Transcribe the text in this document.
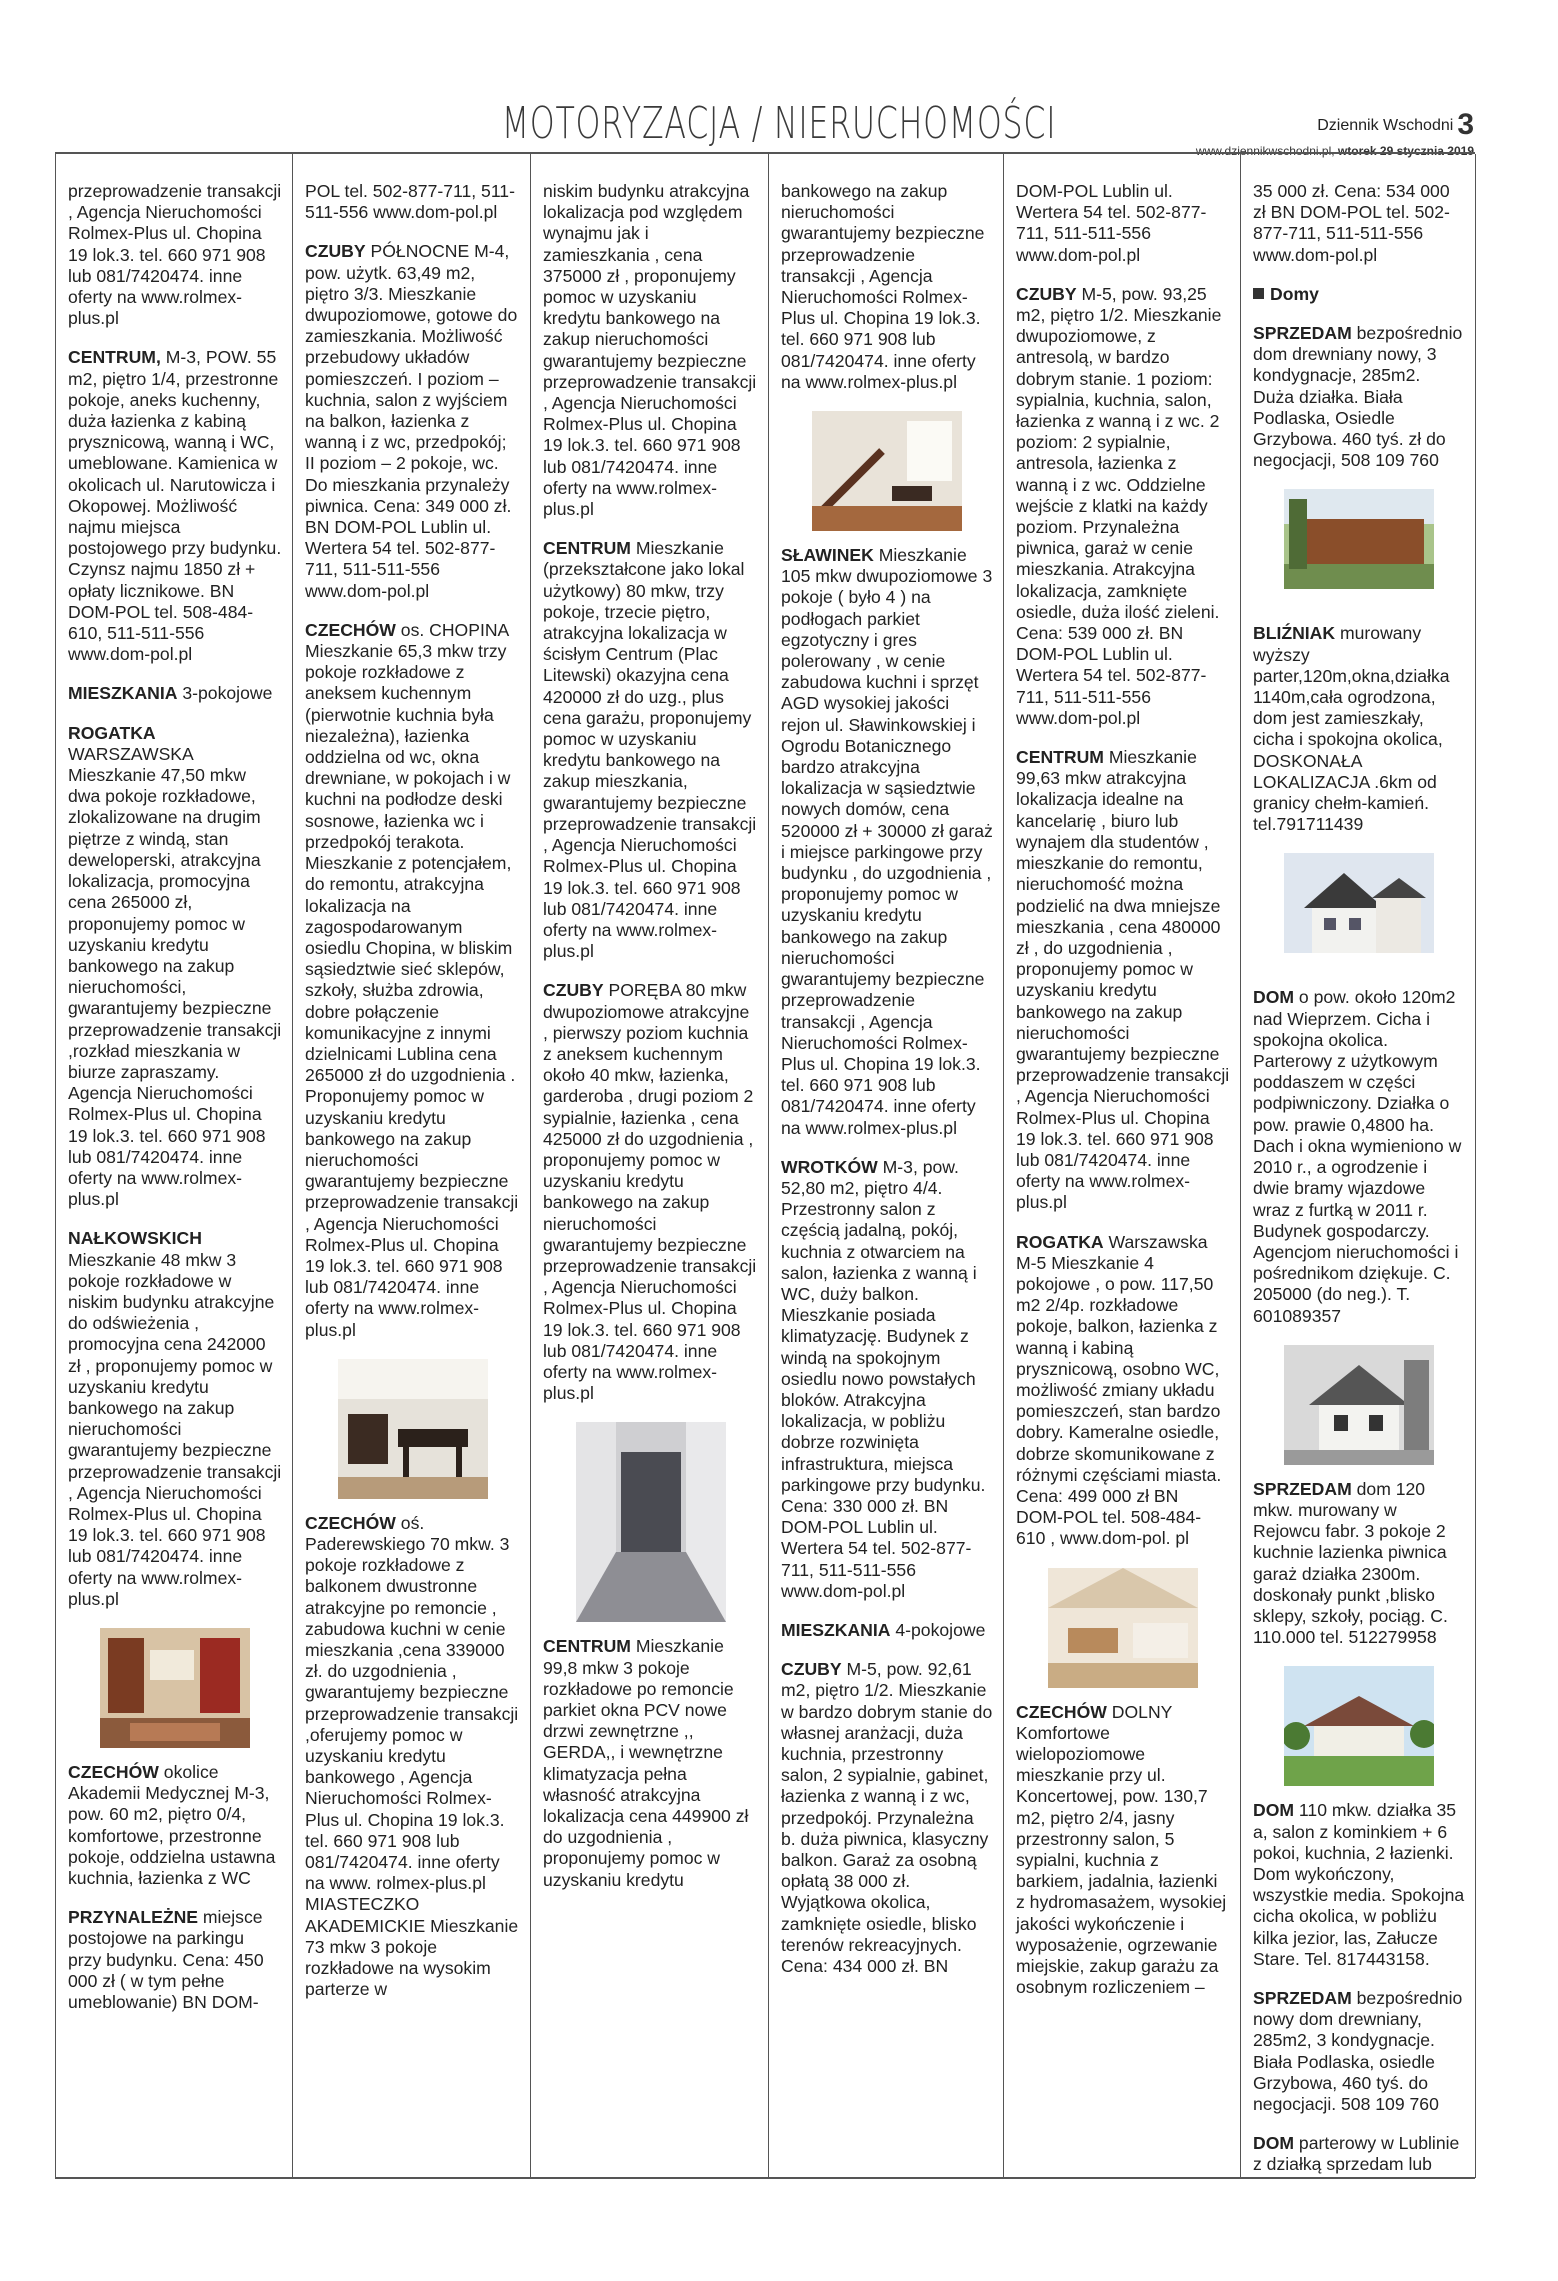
MOTORYZACJA / NIERUCHOMOŚCI	Dziennik Wschodni 3
www.dziennikwschodni.pl, wtorek 29 stycznia 2019
przeprowadzenie transakcji , Agencja Nieruchomości Rolmex-Plus ul. Chopina 19 lok.3. tel. 660 971 908 lub 081/7420474. inne oferty na www.rolmex-plus.pl
CENTRUM, M-3, POW. 55 m2, piętro 1/4, przestronne pokoje, aneks kuchenny, duża łazienka z kabiną prysznicową, wanną i WC, umeblowane. Kamienica w okolicach ul. Narutowicza i Okopowej. Możliwość najmu miejsca postojowego przy budynku. Czynsz najmu 1850 zł + opłaty licznikowe. BN DOM-POL tel. 508-484-610, 511-511-556 www.dom-pol.pl
MIESZKANIA 3-pokojowe
ROGATKA WARSZAWSKA Mieszkanie 47,50 mkw dwa pokoje rozkładowe, zlokalizowane na drugim piętrze z windą, stan deweloperski, atrakcyjna lokalizacja, promocyjna cena 265000 zł, proponujemy pomoc w uzyskaniu kredytu bankowego na zakup nieruchomości, gwarantujemy bezpieczne przeprowadzenie transakcji ,rozkład mieszkania w biurze zapraszamy. Agencja Nieruchomości Rolmex-Plus ul. Chopina 19 lok.3. tel. 660 971 908 lub 081/7420474. inne oferty na www.rolmex-plus.pl
NAŁKOWSKICH Mieszkanie 48 mkw 3 pokoje rozkładowe w niskim budynku atrakcyjne do odświeżenia , promocyjna cena 242000 zł , proponujemy pomoc w uzyskaniu kredytu bankowego na zakup nieruchomości gwarantujemy bezpieczne przeprowadzenie transakcji , Agencja Nieruchomości Rolmex-Plus ul. Chopina 19 lok.3. tel. 660 971 908 lub 081/7420474. inne oferty na www.rolmex-plus.pl
CZECHÓW okolice Akademii Medycznej M-3, pow. 60 m2, piętro 0/4, komfortowe, przestronne pokoje, oddzielna ustawna kuchnia, łazienka z WC
PRZYNALEŻNE miejsce postojowe na parkingu przy budynku. Cena: 450 000 zł ( w tym pełne umeblowanie) BN DOM-
POL tel. 502-877-711, 511-511-556 www.dom-pol.pl
CZUBY PÓŁNOCNE M-4, pow. użytk. 63,49 m2, piętro 3/3. Mieszkanie dwupoziomowe, gotowe do zamieszkania. Możliwość przebudowy układów pomieszczeń. I poziom – kuchnia, salon z wyjściem na balkon, łazienka z wanną i z wc, przedpokój; II poziom – 2 pokoje, wc. Do mieszkania przynależy piwnica. Cena: 349 000 zł. BN DOM-POL Lublin ul. Wertera 54 tel. 502-877-711, 511-511-556 www.dom-pol.pl
CZECHÓW os. CHOPINA Mieszkanie 65,3 mkw trzy pokoje rozkładowe z aneksem kuchennym (pierwotnie kuchnia była niezależna), łazienka oddzielna od wc, okna drewniane, w pokojach i w kuchni na podłodze deski sosnowe, łazienka wc i przedpokój terakota. Mieszkanie z potencjałem, do remontu, atrakcyjna lokalizacja na zagospodarowanym osiedlu Chopina, w bliskim sąsiedztwie sieć sklepów, szkoły, służba zdrowia, dobre połączenie komunikacyjne z innymi dzielnicami Lublina cena 265000 zł do uzgodnienia . Proponujemy pomoc w uzyskaniu kredytu bankowego na zakup nieruchomości gwarantujemy bezpieczne przeprowadzenie transakcji , Agencja Nieruchomości Rolmex-Plus ul. Chopina 19 lok.3. tel. 660 971 908 lub 081/7420474. inne oferty na www.rolmex-plus.pl
CZECHÓW oś. Paderewskiego 70 mkw. 3 pokoje rozkładowe z balkonem dwustronne atrakcyjne po remoncie , zabudowa kuchni w cenie mieszkania ,cena 339000 zł. do uzgodnienia , gwarantujemy bezpieczne przeprowadzenie transakcji ,oferujemy pomoc w uzyskaniu kredytu bankowego , Agencja Nieruchomości Rolmex- Plus ul. Chopina 19 lok.3. tel. 660 971 908 lub 081/7420474. inne oferty na www. rolmex-plus.pl MIASTECZKO AKADEMICKIE Mieszkanie 73 mkw 3 pokoje rozkładowe na wysokim parterze w
niskim budynku atrakcyjna lokalizacja pod względem wynajmu jak i zamieszkania , cena 375000 zł , proponujemy pomoc w uzyskaniu kredytu bankowego na zakup nieruchomości gwarantujemy bezpieczne przeprowadzenie transakcji , Agencja Nieruchomości Rolmex-Plus ul. Chopina 19 lok.3. tel. 660 971 908 lub 081/7420474. inne oferty na www.rolmex-plus.pl
CENTRUM Mieszkanie (przekształcone jako lokal użytkowy) 80 mkw, trzy pokoje, trzecie piętro, atrakcyjna lokalizacja w ścisłym Centrum (Plac Litewski) okazyjna cena 420000 zł do uzg., plus cena garażu, proponujemy pomoc w uzyskaniu kredytu bankowego na zakup mieszkania, gwarantujemy bezpieczne przeprowadzenie transakcji , Agencja Nieruchomości Rolmex-Plus ul. Chopina 19 lok.3. tel. 660 971 908 lub 081/7420474. inne oferty na www.rolmex-plus.pl
CZUBY PORĘBA 80 mkw dwupoziomowe atrakcyjne , pierwszy poziom kuchnia z aneksem kuchennym około 40 mkw, łazienka, garderoba , drugi poziom 2 sypialnie, łazienka , cena 425000 zł do uzgodnienia , proponujemy pomoc w uzyskaniu kredytu bankowego na zakup nieruchomości gwarantujemy bezpieczne przeprowadzenie transakcji , Agencja Nieruchomości Rolmex-Plus ul. Chopina 19 lok.3. tel. 660 971 908 lub 081/7420474. inne oferty na www.rolmex-plus.pl
CENTRUM Mieszkanie 99,8 mkw 3 pokoje rozkładowe po remoncie parkiet okna PCV nowe drzwi zewnętrzne ,, GERDA,, i wewnętrzne klimatyzacja pełna własność atrakcyjna lokalizacja cena 449900 zł do uzgodnienia , proponujemy pomoc w uzyskaniu kredytu
bankowego na zakup nieruchomości gwarantujemy bezpieczne przeprowadzenie transakcji , Agencja Nieruchomości Rolmex-Plus ul. Chopina 19 lok.3. tel. 660 971 908 lub 081/7420474. inne oferty na www.rolmex-plus.pl
SŁAWINEK Mieszkanie 105 mkw dwupoziomowe 3 pokoje ( było 4 ) na podłogach parkiet egzotyczny i gres polerowany , w cenie zabudowa kuchni i sprzęt AGD wysokiej jakości rejon ul. Sławinkowskiej i Ogrodu Botanicznego bardzo atrakcyjna lokalizacja w sąsiedztwie nowych domów, cena 520000 zł + 30000 zł garaż i miejsce parkingowe przy budynku , do uzgodnienia , proponujemy pomoc w uzyskaniu kredytu bankowego na zakup nieruchomości gwarantujemy bezpieczne przeprowadzenie transakcji , Agencja Nieruchomości Rolmex-Plus ul. Chopina 19 lok.3. tel. 660 971 908 lub 081/7420474. inne oferty na www.rolmex-plus.pl
WROTKÓW M-3, pow. 52,80 m2, piętro 4/4. Przestronny salon z częścią jadalną, pokój, kuchnia z otwarciem na salon, łazienka z wanną i WC, duży balkon. Mieszkanie posiada klimatyzację. Budynek z windą na spokojnym osiedlu nowo powstałych bloków. Atrakcyjna lokalizacja, w pobliżu dobrze rozwinięta infrastruktura, miejsca parkingowe przy budynku. Cena: 330 000 zł. BN DOM-POL Lublin ul. Wertera 54 tel. 502-877-711, 511-511-556 www.dom-pol.pl
MIESZKANIA 4-pokojowe
CZUBY M-5, pow. 92,61 m2, piętro 1/2. Mieszkanie w bardzo dobrym stanie do własnej aranżacji, duża kuchnia, przestronny salon, 2 sypialnie, gabinet, łazienka z wanną i z wc, przedpokój. Przynależna b. duża piwnica, klasyczny balkon. Garaż za osobną opłatą 38 000 zł. Wyjątkowa okolica, zamknięte osiedle, blisko terenów rekreacyjnych. Cena: 434 000 zł. BN
DOM-POL Lublin ul. Wertera 54 tel. 502-877-711, 511-511-556 www.dom-pol.pl
CZUBY M-5, pow. 93,25 m2, piętro 1/2. Mieszkanie dwupoziomowe, z antresolą, w bardzo dobrym stanie. 1 poziom: sypialnia, kuchnia, salon, łazienka z wanną i z wc. 2 poziom: 2 sypialnie, antresola, łazienka z wanną i z wc. Oddzielne wejście z klatki na każdy poziom. Przynależna piwnica, garaż w cenie mieszkania. Atrakcyjna lokalizacja, zamknięte osiedle, duża ilość zieleni. Cena: 539 000 zł. BN DOM-POL Lublin ul. Wertera 54 tel. 502-877-711, 511-511-556 www.dom-pol.pl
CENTRUM Mieszkanie 99,63 mkw atrakcyjna lokalizacja idealne na kancelarię , biuro lub wynajem dla studentów , mieszkanie do remontu, nieruchomość można podzielić na dwa mniejsze mieszkania , cena 480000 zł , do uzgodnienia , proponujemy pomoc w uzyskaniu kredytu bankowego na zakup nieruchomości gwarantujemy bezpieczne przeprowadzenie transakcji , Agencja Nieruchomości Rolmex-Plus ul. Chopina 19 lok.3. tel. 660 971 908 lub 081/7420474. inne oferty na www.rolmex-plus.pl
ROGATKA Warszawska M-5 Mieszkanie 4 pokojowe , o pow. 117,50 m2 2/4p. rozkładowe pokoje, balkon, łazienka z wanną i kabiną prysznicową, osobno WC, możliwość zmiany układu pomieszczeń, stan bardzo dobry. Kameralne osiedle, dobrze skomunikowane z różnymi częściami miasta. Cena: 499 000 zł BN DOM-POL tel. 508-484-610 , www.dom-pol. pl
CZECHÓW DOLNY Komfortowe wielopoziomowe mieszkanie przy ul. Koncertowej, pow. 130,7 m2, piętro 2/4, jasny przestronny salon, 5 sypialni, kuchnia z barkiem, jadalnia, łazienki z hydromasażem, wysokiej jakości wykończenie i wyposażenie, ogrzewanie miejskie, zakup garażu za osobnym rozliczeniem –
35 000 zł. Cena: 534 000 zł BN DOM-POL tel. 502-877-711, 511-511-556 www.dom-pol.pl
Domy
SPRZEDAM bezpośrednio dom drewniany nowy, 3 kondygnacje, 285m2. Duża działka. Biała Podlaska, Osiedle Grzybowa. 460 tyś. zł do negocjacji, 508 109 760
BLIŹNIAK murowany wyższy parter,120m,okna,działka 1140m,cała ogrodzona, dom jest zamieszkały, cicha i spokojna okolica, DOSKONAŁA LOKALIZACJA .6km od granicy chełm-kamień. tel.791711439
DOM o pow. około 120m2 nad Wieprzem. Cicha i spokojna okolica. Parterowy z użytkowym poddaszem w części podpiwniczony. Działka o pow. prawie 0,4800 ha. Dach i okna wymieniono w 2010 r., a ogrodzenie i dwie bramy wjazdowe wraz z furtką w 2011 r. Budynek gospodarczy. Agencjom nieruchomości i pośrednikom dziękuje. C. 205000 (do neg.). T. 601089357
SPRZEDAM dom 120 mkw. murowany w Rejowcu fabr. 3 pokoje 2 kuchnie lazienka piwnica garaż działka 2300m. doskonały punkt ,blisko sklepy, szkoły, pociąg. C. 110.000 tel. 512279958
DOM 110 mkw. działka 35 a, salon z kominkiem + 6 pokoi, kuchnia, 2 łazienki. Dom wykończony, wszystkie media. Spokojna cicha okolica, w pobliżu kilka jezior, las, Załucze Stare. Tel. 817443158.
SPRZEDAM bezpośrednio nowy dom drewniany, 285m2, 3 kondygnacje. Biała Podlaska, osiedle Grzybowa, 460 tyś. do negocjacji. 508 109 760
DOM parterowy w Lublinie z działką sprzedam lub
